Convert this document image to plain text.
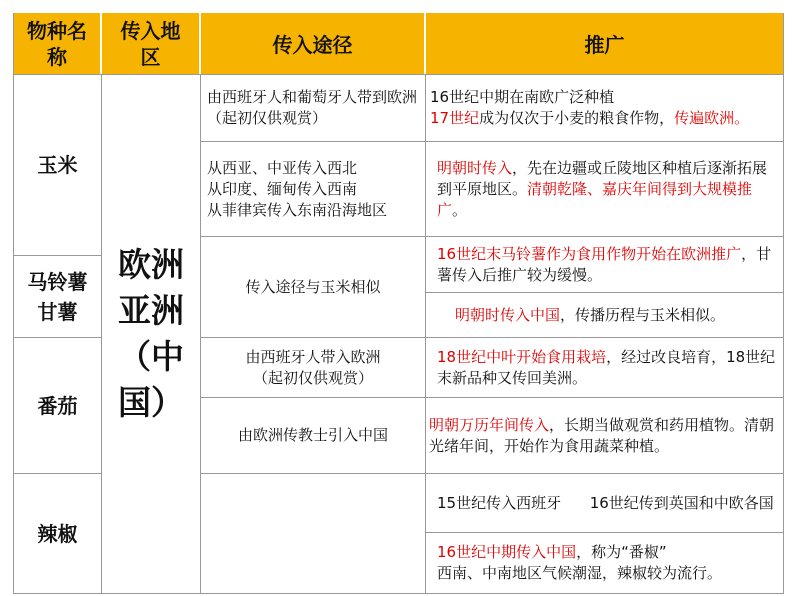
物种名称
传入地区	传入途径	推广
玉米
马铃薯
甘薯
番茄
辣椒
欧洲亚洲（中国）
由西班牙人和葡萄牙人带到欧洲（起初仅供观赏）
16世纪中期在南欧广泛种植
17世纪成为仅次于小麦的粮食作物，传遍欧洲。
从西亚、中亚传入西北
从印度、缅甸传入西南
从菲律宾传入东南沿海地区
明朝时传入，先在边疆或丘陵地区种植后逐渐拓展到平原地区。清朝乾隆、嘉庆年间得到大规模推广。
传入途径与玉米相似
16世纪末马铃薯作为食用作物开始在欧洲推广，甘薯传入后推广较为缓慢。
明朝时传入中国，传播历程与玉米相似。
由西班牙人带入欧洲
（起初仅供观赏）
18世纪中叶开始食用栽培，经过改良培育，18世纪末新品种又传回美洲。
由欧洲传教士引入中国
明朝万历年间传入，长期当做观赏和药用植物。清朝光绪年间，开始作为食用蔬菜种植。
15世纪传入西班牙 16世纪传到英国和中欧各国
16世纪中期传入中国，称为“番椒”
西南、中南地区气候潮湿，辣椒较为流行。
